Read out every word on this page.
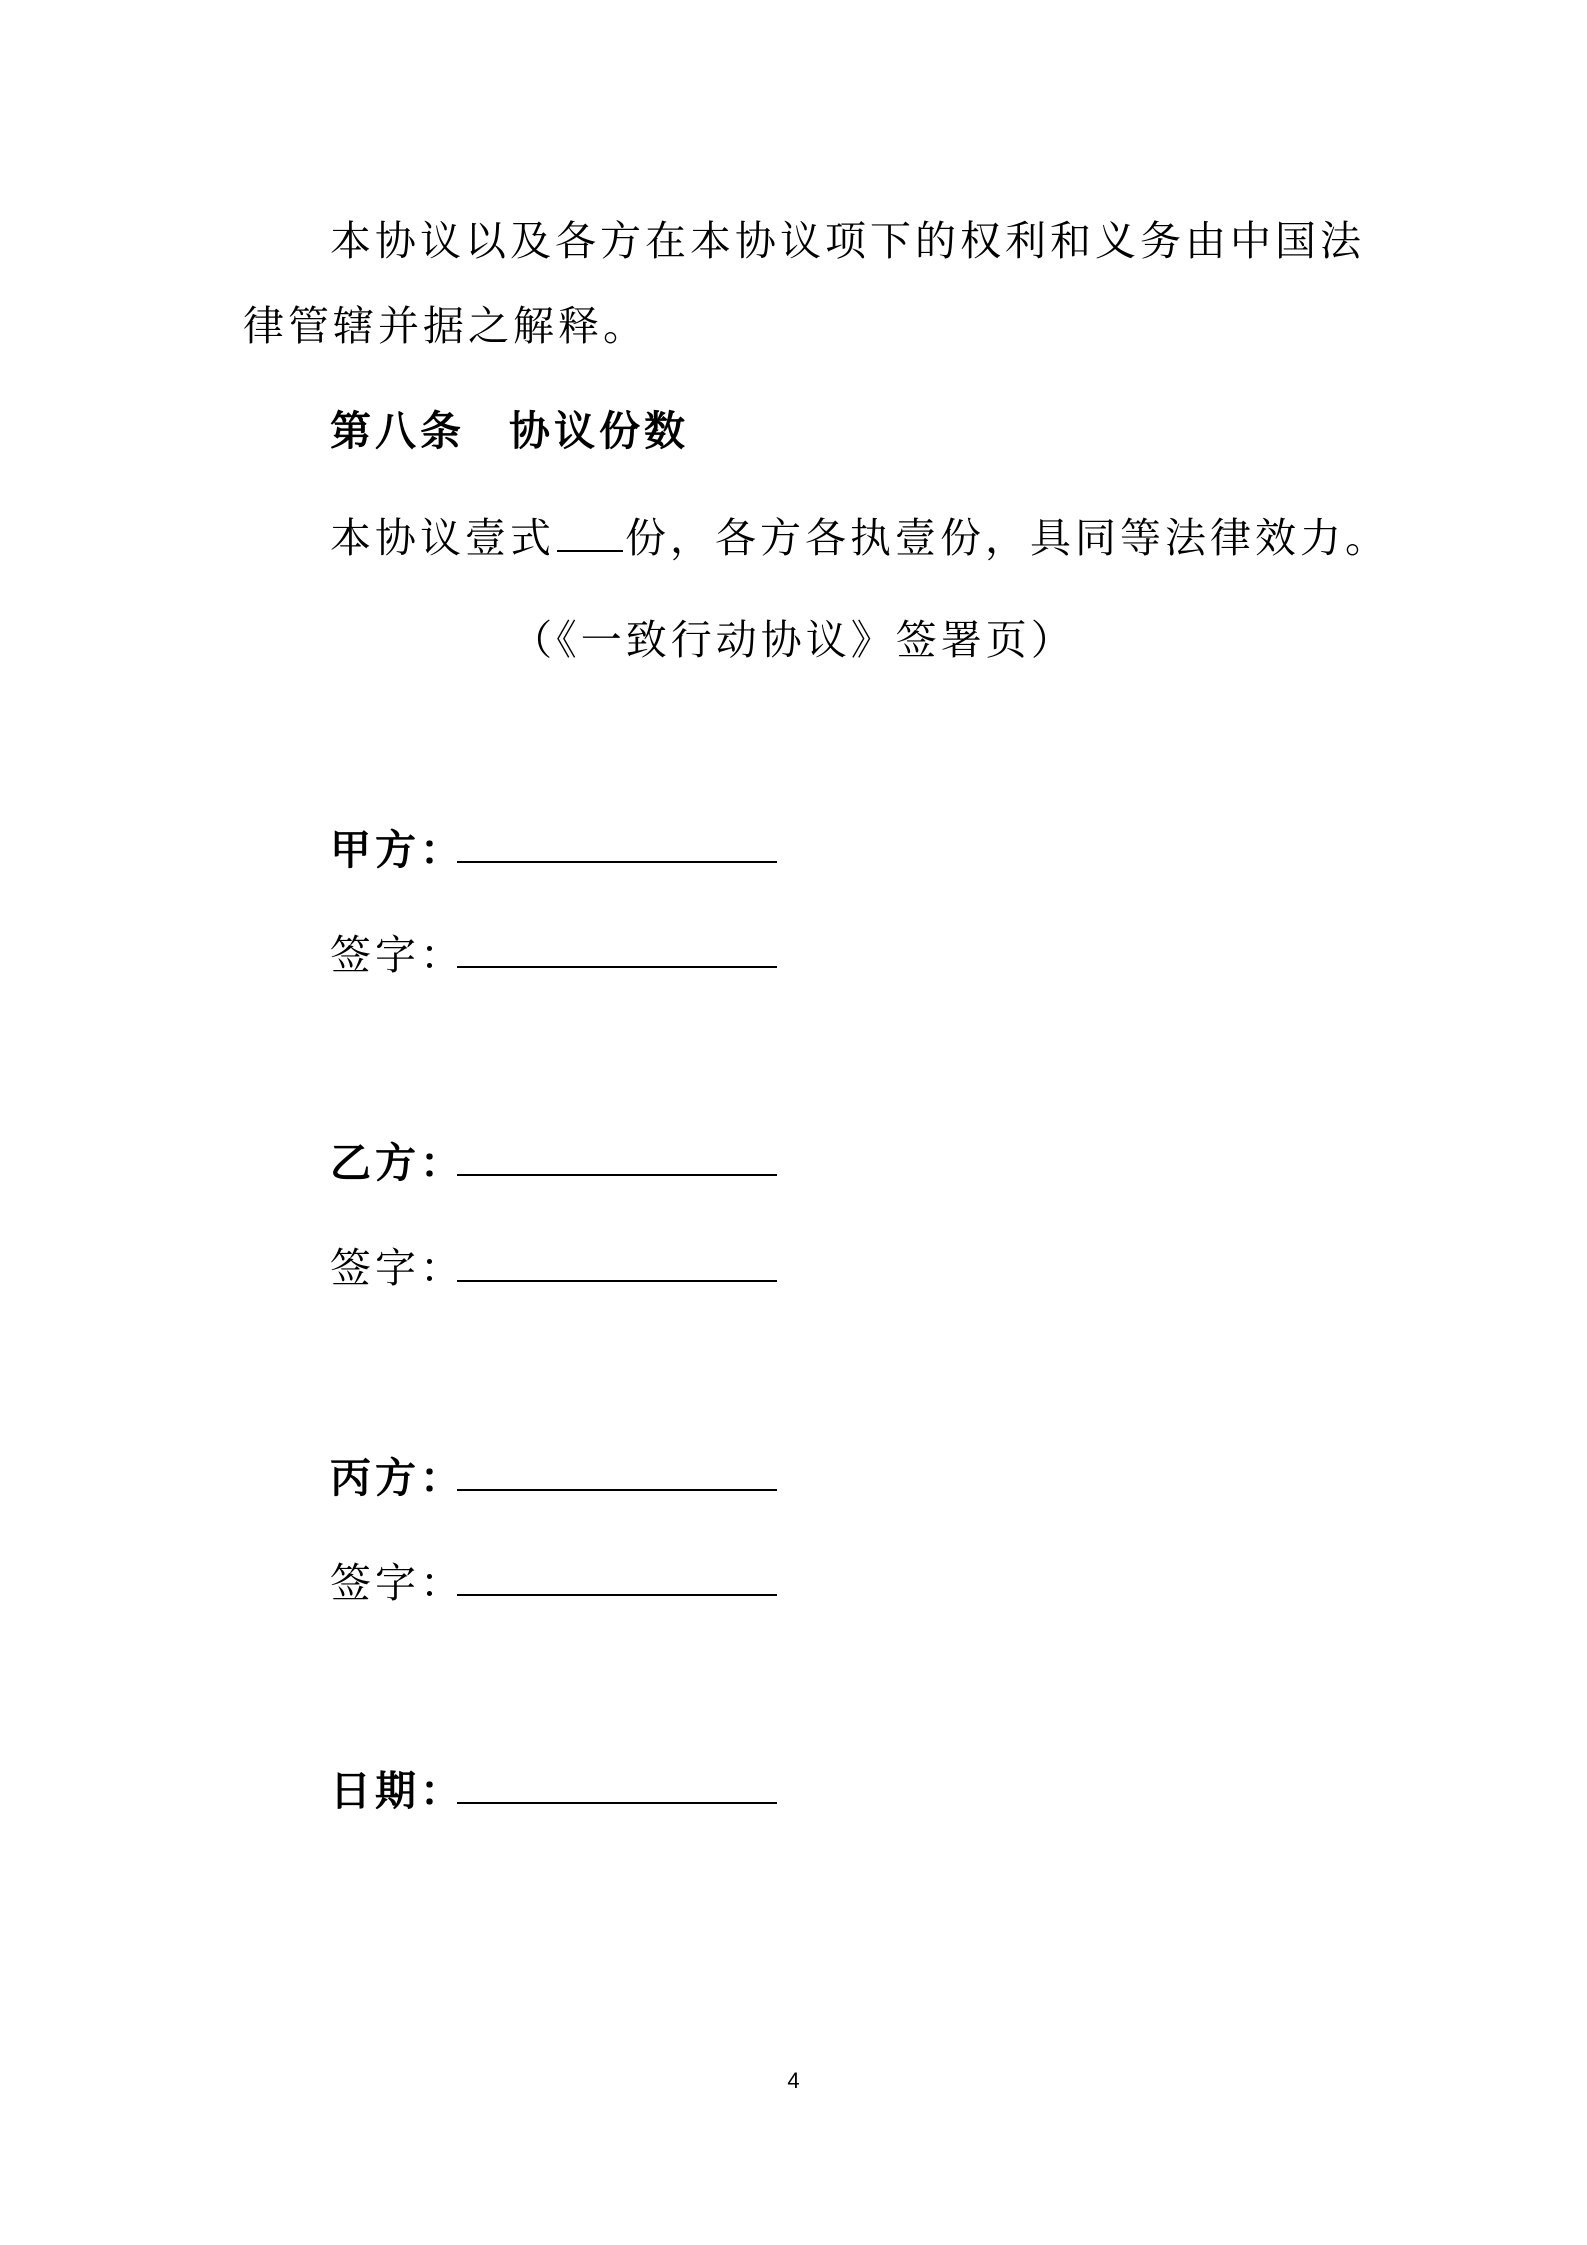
本协议以及各方在本协议项下的权利和义务由中国法
律管辖并据之解释。
第八条 协议份数
本协议壹式 份，各方各执壹份，具同等法律效力。
（《一致行动协议》签署页）
甲方：
签字：
乙方：
签字：
丙方：
签字：
日期：
4
